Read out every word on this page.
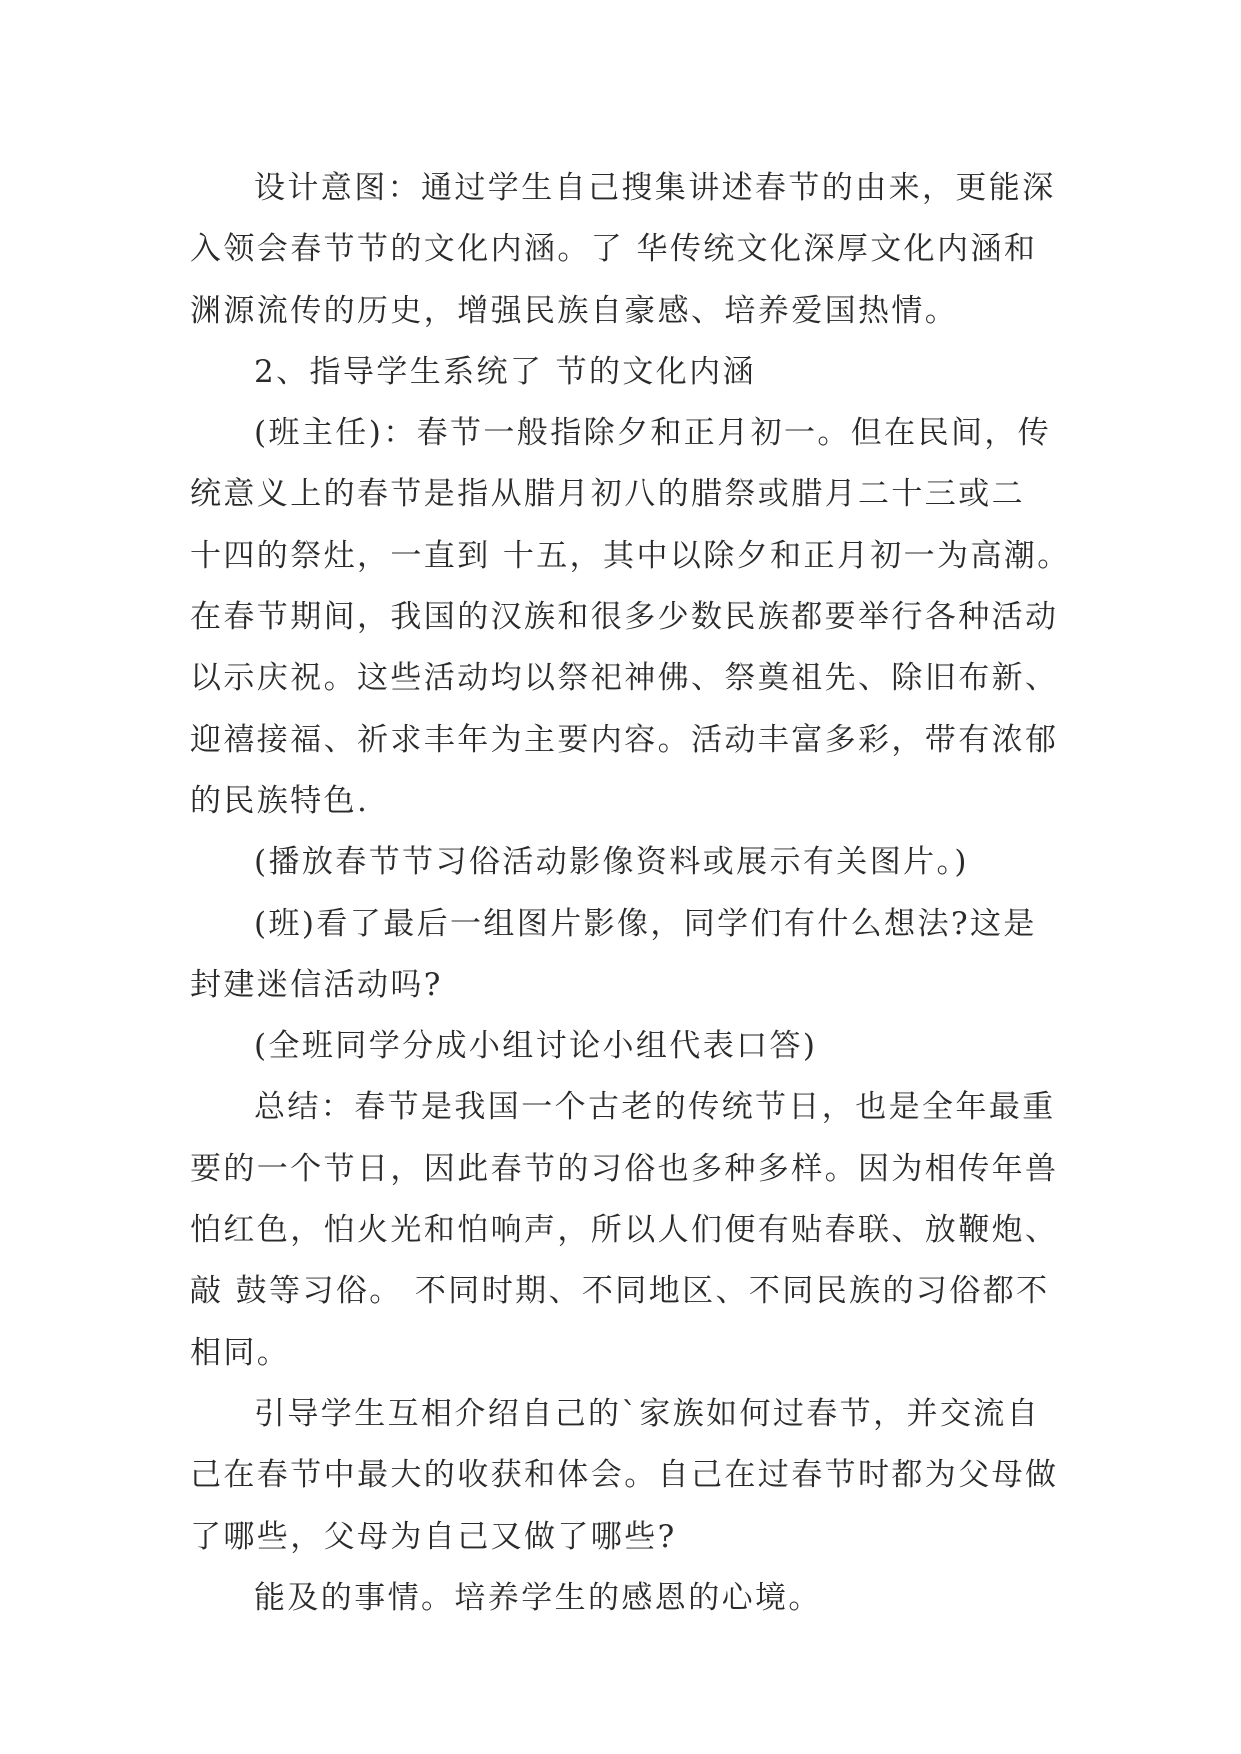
设计意图：通过学生自己搜集讲述春节的由来，更能深
入领会春节节的文化内涵。了 华传统文化深厚文化内涵和
渊源流传的历史，增强民族自豪感、培养爱国热情。
2、指导学生系统了 节的文化内涵
(班主任)：春节一般指除夕和正月初一。但在民间，传
统意义上的春节是指从腊月初八的腊祭或腊月二十三或二
十四的祭灶，一直到 十五，其中以除夕和正月初一为高潮。
在春节期间，我国的汉族和很多少数民族都要举行各种活动
以示庆祝。这些活动均以祭祀神佛、祭奠祖先、除旧布新、
迎禧接福、祈求丰年为主要内容。活动丰富多彩，带有浓郁
的民族特色.
(播放春节节习俗活动影像资料或展示有关图片。)
(班)看了最后一组图片影像，同学们有什么想法?这是
封建迷信活动吗?
(全班同学分成小组讨论小组代表口答)
总结：春节是我国一个古老的传统节日，也是全年最重
要的一个节日，因此春节的习俗也多种多样。因为相传年兽
怕红色，怕火光和怕响声，所以人们便有贴春联、放鞭炮、
敲 鼓等习俗。 不同时期、不同地区、不同民族的习俗都不
相同。
引导学生互相介绍自己的`家族如何过春节，并交流自
己在春节中最大的收获和体会。自己在过春节时都为父母做
了哪些，父母为自己又做了哪些?
能及的事情。培养学生的感恩的心境。
